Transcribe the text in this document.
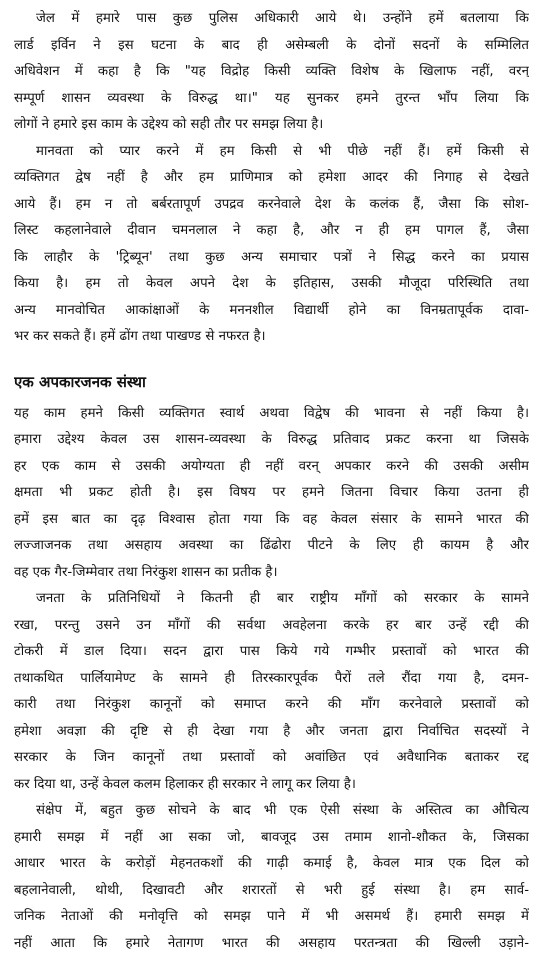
जेल में हमारे पास कुछ पुलिस अधिकारी आये थे। उन्होंने हमें बतलाया कि
लार्ड इर्विन ने इस घटना के बाद ही असेम्बली के दोनों सदनों के सम्मिलित
अधिवेशन में कहा है कि "यह विद्रोह किसी व्यक्ति विशेष के खिलाफ नहीं, वरन्
सम्पूर्ण शासन व्यवस्था के विरुद्ध था।" यह सुनकर हमने तुरन्त भाँप लिया कि
लोगों ने हमारे इस काम के उद्देश्य को सही तौर पर समझ लिया है।
मानवता को प्यार करने में हम किसी से भी पीछे नहीं हैं। हमें किसी से
व्यक्तिगत द्वेष नहीं है और हम प्राणिमात्र को हमेशा आदर की निगाह से देखते
आये हैं। हम न तो बर्बरतापूर्ण उपद्रव करनेवाले देश के कलंक हैं, जैसा कि सोश-
लिस्ट कहलानेवाले दीवान चमनलाल ने कहा है, और न ही हम पागल हैं, जैसा
कि लाहौर के 'ट्रिब्यून' तथा कुछ अन्य समाचार पत्रों ने सिद्ध करने का प्रयास
किया है। हम तो केवल अपने देश के इतिहास, उसकी मौजूदा परिस्थिति तथा
अन्य मानवोचित आकांक्षाओं के मननशील विद्यार्थी होने का विनम्रतापूर्वक दावा-
भर कर सकते हैं। हमें ढोंग तथा पाखण्ड से नफरत है।
एक अपकारजनक संस्था
यह काम हमने किसी व्यक्तिगत स्वार्थ अथवा विद्वेष की भावना से नहीं किया है।
हमारा उद्देश्य केवल उस शासन-व्यवस्था के विरुद्ध प्रतिवाद प्रकट करना था जिसके
हर एक काम से उसकी अयोग्यता ही नहीं वरन् अपकार करने की उसकी असीम
क्षमता भी प्रकट होती है। इस विषय पर हमने जितना विचार किया उतना ही
हमें इस बात का दृढ़ विश्वास होता गया कि वह केवल संसार के सामने भारत की
लज्जाजनक तथा असहाय अवस्था का ढिंढोरा पीटने के लिए ही कायम है और
वह एक गैर-जिम्मेवार तथा निरंकुश शासन का प्रतीक है।
जनता के प्रतिनिधियों ने कितनी ही बार राष्ट्रीय माँगों को सरकार के सामने
रखा, परन्तु उसने उन माँगों की सर्वथा अवहेलना करके हर बार उन्हें रद्दी की
टोकरी में डाल दिया। सदन द्वारा पास किये गये गम्भीर प्रस्तावों को भारत की
तथाकथित पार्लियामेण्ट के सामने ही तिरस्कारपूर्वक पैरों तले रौंदा गया है, दमन-
कारी तथा निरंकुश कानूनों को समाप्त करने की माँग करनेवाले प्रस्तावों को
हमेशा अवज्ञा की दृष्टि से ही देखा गया है और जनता द्वारा निर्वाचित सदस्यों ने
सरकार के जिन कानूनों तथा प्रस्तावों को अवांछित एवं अवैधानिक बताकर रद्द
कर दिया था, उन्हें केवल कलम हिलाकर ही सरकार ने लागू कर लिया है।
संक्षेप में, बहुत कुछ सोचने के बाद भी एक ऐसी संस्था के अस्तित्व का औचित्य
हमारी समझ में नहीं आ सका जो, बावजूद उस तमाम शानो-शौकत के, जिसका
आधार भारत के करोड़ों मेहनतकशों की गाढ़ी कमाई है, केवल मात्र एक दिल को
बहलानेवाली, थोथी, दिखावटी और शरारतों से भरी हुई संस्था है। हम सार्व-
जनिक नेताओं की मनोवृत्ति को समझ पाने में भी असमर्थ हैं। हमारी समझ में
नहीं आता कि हमारे नेतागण भारत की असहाय परतन्त्रता की खिल्ली उड़ाने-
